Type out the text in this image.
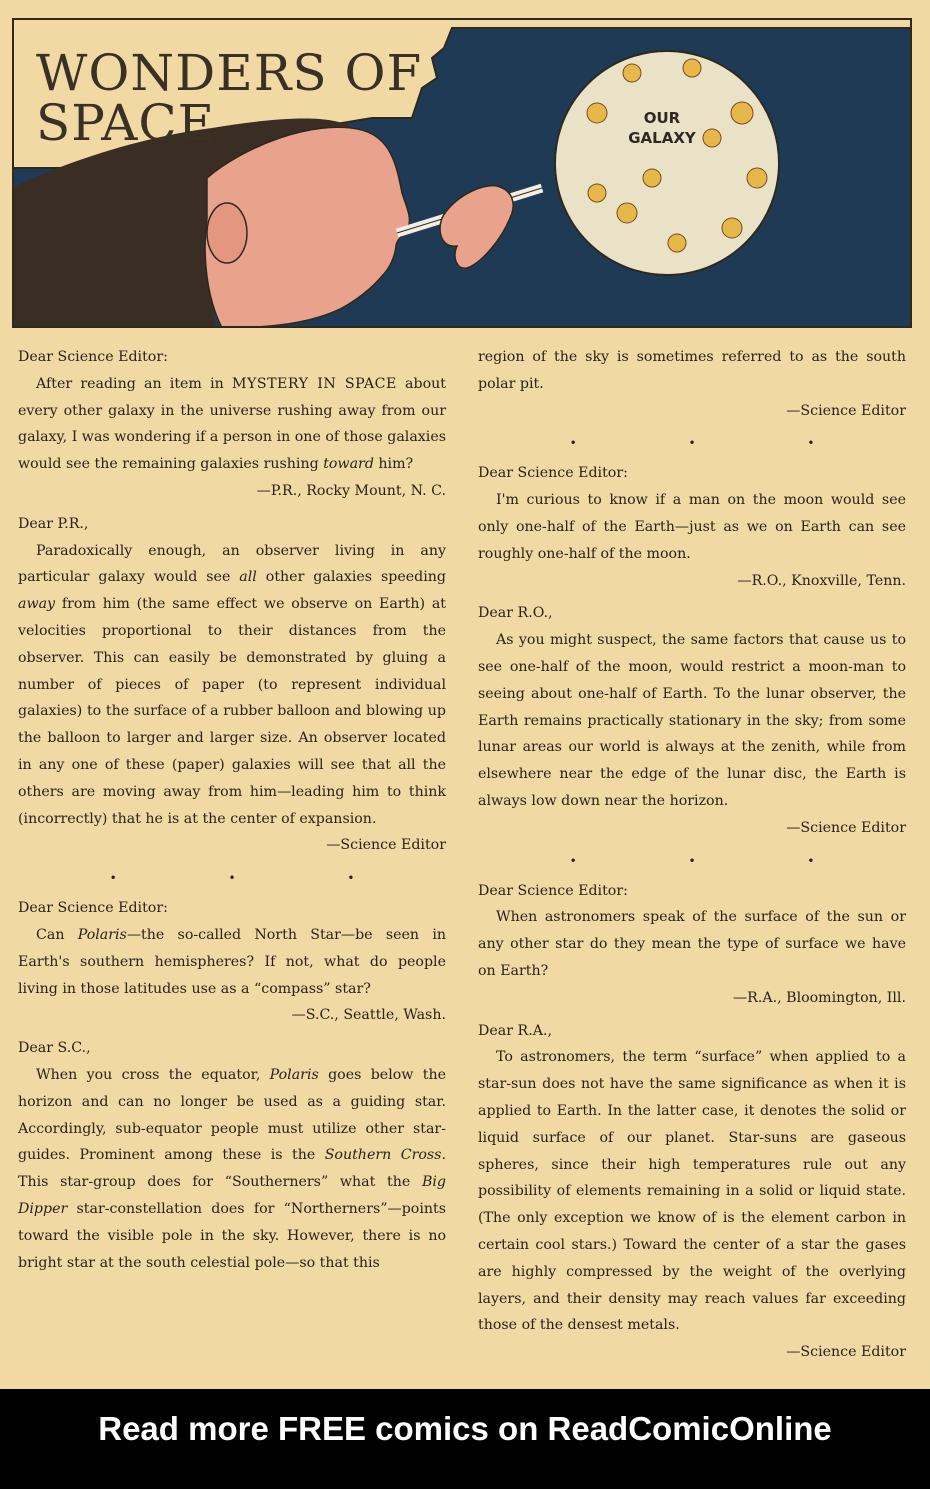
OUR
GALAXY
WONDERS OF
SPACE

Dear Science Editor:

After reading an item in MYSTERY IN SPACE about every other galaxy in the universe rushing away from our galaxy, I was wondering if a person in one of those galaxies would see the remaining galaxies rushing toward him?

—P.R., Rocky Mount, N. C.

Dear P.R.,

Paradoxically enough, an observer living in any particular galaxy would see all other galaxies speeding away from him (the same effect we observe on Earth) at velocities proportional to their distances from the observer. This can easily be demonstrated by gluing a number of pieces of paper (to represent individual galaxies) to the surface of a rubber balloon and blowing up the balloon to larger and larger size. An observer located in any one of these (paper) galaxies will see that all the others are moving away from him—leading him to think (incorrectly) that he is at the center of expansion.

—Science Editor

• • •

Dear Science Editor:

Can Polaris—the so-called North Star—be seen in Earth's southern hemispheres? If not, what do people living in those latitudes use as a “compass” star?

—S.C., Seattle, Wash.

Dear S.C.,

When you cross the equator, Polaris goes below the horizon and can no longer be used as a guiding star. Accordingly, sub-equator people must utilize other star-guides. Prominent among these is the Southern Cross. This star-group does for “Southerners” what the Big Dipper star-constellation does for “Northerners”—points toward the visible pole in the sky. However, there is no bright star at the south celestial pole—so that this

region of the sky is sometimes referred to as the south polar pit.

—Science Editor

• • •

Dear Science Editor:

I'm curious to know if a man on the moon would see only one-half of the Earth—just as we on Earth can see roughly one-half of the moon.

—R.O., Knoxville, Tenn.

Dear R.O.,

As you might suspect, the same factors that cause us to see one-half of the moon, would restrict a moon-man to seeing about one-half of Earth. To the lunar observer, the Earth remains practically stationary in the sky; from some lunar areas our world is always at the zenith, while from elsewhere near the edge of the lunar disc, the Earth is always low down near the horizon.

—Science Editor

• • •

Dear Science Editor:

When astronomers speak of the surface of the sun or any other star do they mean the type of surface we have on Earth?

—R.A., Bloomington, Ill.

Dear R.A.,

To astronomers, the term “surface” when applied to a star-sun does not have the same significance as when it is applied to Earth. In the latter case, it denotes the solid or liquid surface of our planet. Star-suns are gaseous spheres, since their high temperatures rule out any possibility of elements remaining in a solid or liquid state. (The only exception we know of is the element carbon in certain cool stars.) Toward the center of a star the gases are highly compressed by the weight of the overlying layers, and their density may reach values far exceeding those of the densest metals.

—Science Editor

Read more FREE comics on ReadComicOnline
